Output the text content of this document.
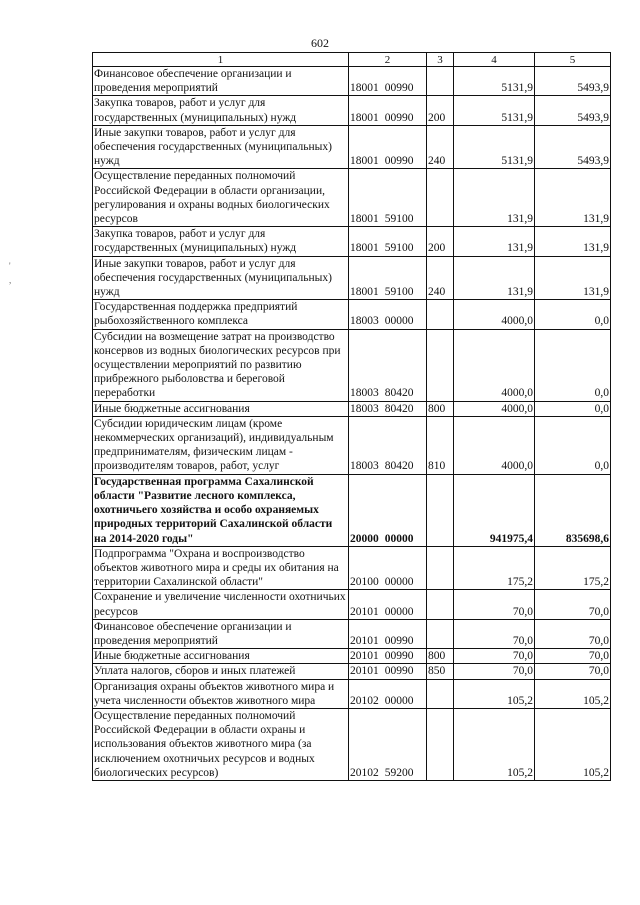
602
'
,
1	2	3	4	5
Финансовое обеспечение организации и проведения мероприятий	18001 00990		5131,9	5493,9
Закупка товаров, работ и услуг для государственных (муниципальных) нужд	18001 00990	200	5131,9	5493,9
Иные закупки товаров, работ и услуг для обеспечения государственных (муниципальных) нужд	18001 00990	240	5131,9	5493,9
Осуществление переданных полномочий Российской Федерации в области организации, регулирования и охраны водных биологических ресурсов	18001 59100		131,9	131,9
Закупка товаров, работ и услуг для государственных (муниципальных) нужд	18001 59100	200	131,9	131,9
Иные закупки товаров, работ и услуг для обеспечения государственных (муниципальных) нужд	18001 59100	240	131,9	131,9
Государственная поддержка предприятий рыбохозяйственного комплекса	18003 00000		4000,0	0,0
Субсидии на возмещение затрат на производство консервов из водных биологических ресурсов при осуществлении мероприятий по развитию прибрежного рыболовства и береговой переработки	18003 80420		4000,0	0,0
Иные бюджетные ассигнования	18003 80420	800	4000,0	0,0
Субсидии юридическим лицам (кроме некоммерческих организаций), индивидуальным предпринимателям, физическим лицам - производителям товаров, работ, услуг	18003 80420	810	4000,0	0,0
Государственная программа Сахалинской области "Развитие лесного комплекса, охотничьего хозяйства и особо охраняемых природных территорий Сахалинской области на 2014-2020 годы"	20000 00000		941975,4	835698,6
Подпрограмма "Охрана и воспроизводство объектов животного мира и среды их обитания на территории Сахалинской области"	20100 00000		175,2	175,2
Сохранение и увеличение численности охотничьих ресурсов	20101 00000		70,0	70,0
Финансовое обеспечение организации и проведения мероприятий	20101 00990		70,0	70,0
Иные бюджетные ассигнования	20101 00990	800	70,0	70,0
Уплата налогов, сборов и иных платежей	20101 00990	850	70,0	70,0
Организация охраны объектов животного мира и учета численности объектов животного мира	20102 00000		105,2	105,2
Осуществление переданных полномочий Российской Федерации в области охраны и использования объектов животного мира (за исключением охотничьих ресурсов и водных биологических ресурсов)	20102 59200		105,2	105,2
